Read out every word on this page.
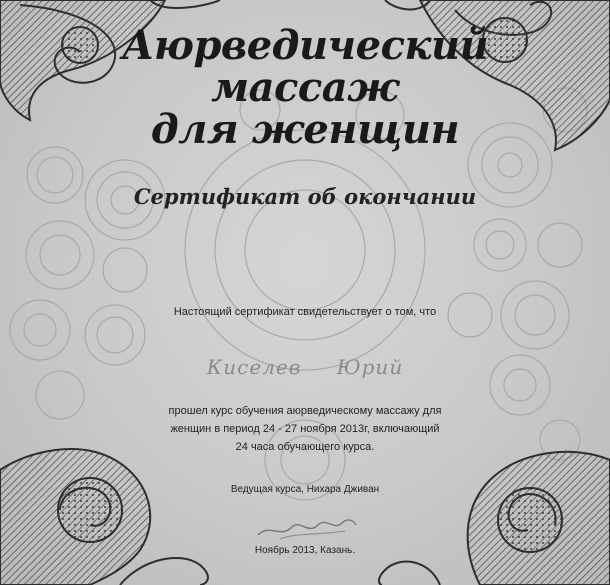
Аюрведический
массаж
для женщин
Сертификат об окончании
Настоящий сертификат свидетельствует о том, что
Киселев Юрий
прошел курс обучения аюрведическому массажу для
женщин в период 24 - 27 ноября 2013г, включающий
24 часа обучающего курса.
Ведущая курса, Нихара Дживан
Ноябрь 2013, Казань.
